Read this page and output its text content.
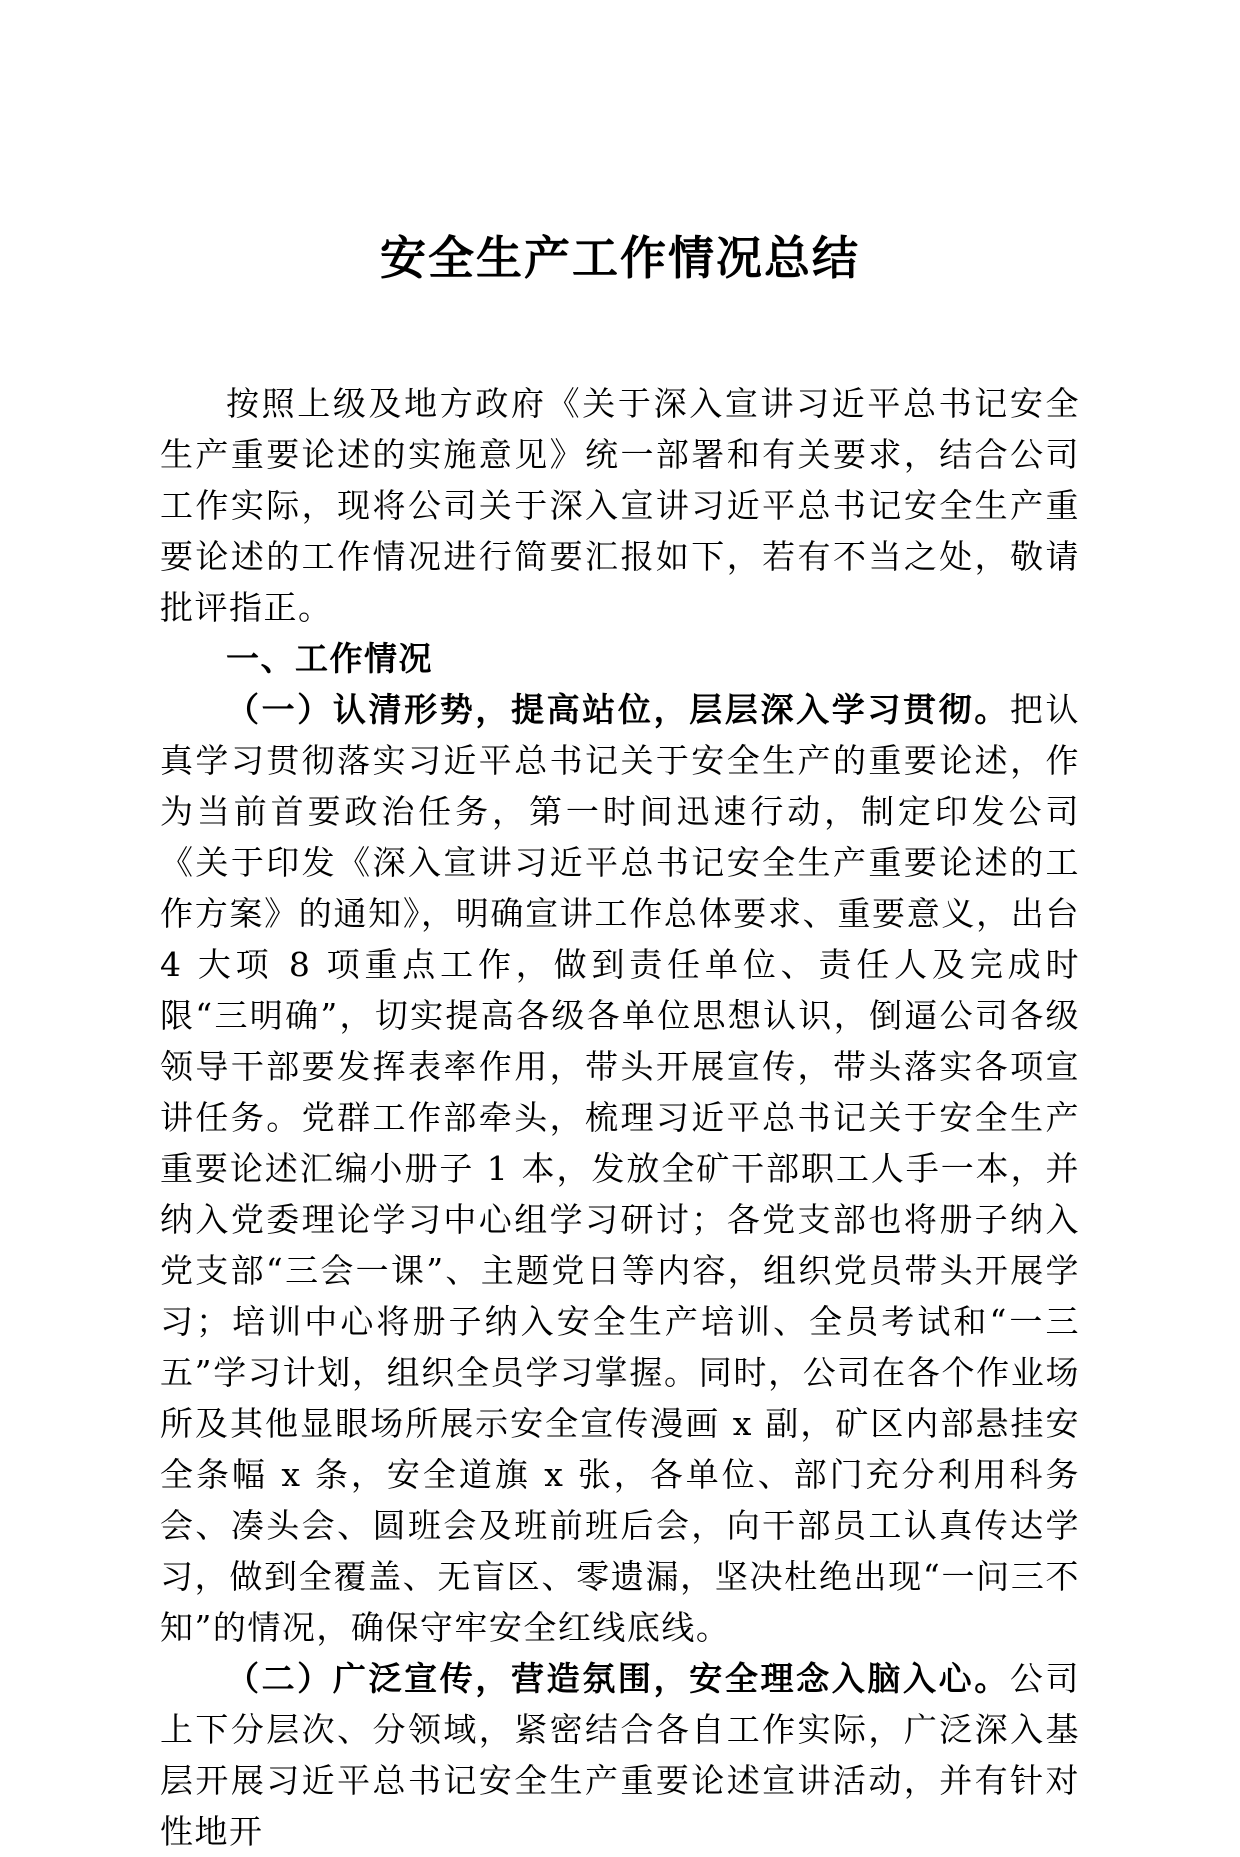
安全生产工作情况总结

按照上级及地方政府《关于深入宣讲习近平总书记安全生产重要论述的实施意见》统一部署和有关要求，结合公司工作实际，现将公司关于深入宣讲习近平总书记安全生产重要论述的工作情况进行简要汇报如下，若有不当之处，敬请批评指正。

一、工作情况

（一）认清形势，提高站位，层层深入学习贯彻。把认真学习贯彻落实习近平总书记关于安全生产的重要论述，作为当前首要政治任务，第一时间迅速行动，制定印发公司《关于印发《深入宣讲习近平总书记安全生产重要论述的工作方案》的通知》，明确宣讲工作总体要求、重要意义，出台 4 大项 8 项重点工作，做到责任单位、责任人及完成时限“三明确”，切实提高各级各单位思想认识，倒逼公司各级领导干部要发挥表率作用，带头开展宣传，带头落实各项宣讲任务。党群工作部牵头，梳理习近平总书记关于安全生产重要论述汇编小册子 1 本，发放全矿干部职工人手一本，并纳入党委理论学习中心组学习研讨；各党支部也将册子纳入党支部“三会一课”、主题党日等内容，组织党员带头开展学习；培训中心将册子纳入安全生产培训、全员考试和“一三五”学习计划，组织全员学习掌握。同时，公司在各个作业场所及其他显眼场所展示安全宣传漫画 x 副，矿区内部悬挂安全条幅 x 条，安全道旗 x 张，各单位、部门充分利用科务会、凑头会、圆班会及班前班后会，向干部员工认真传达学习，做到全覆盖、无盲区、零遗漏，坚决杜绝出现“一问三不知”的情况，确保守牢安全红线底线。

（二）广泛宣传，营造氛围，安全理念入脑入心。公司上下分层次、分领域，紧密结合各自工作实际，广泛深入基层开展习近平总书记安全生产重要论述宣讲活动，并有针对性地开
